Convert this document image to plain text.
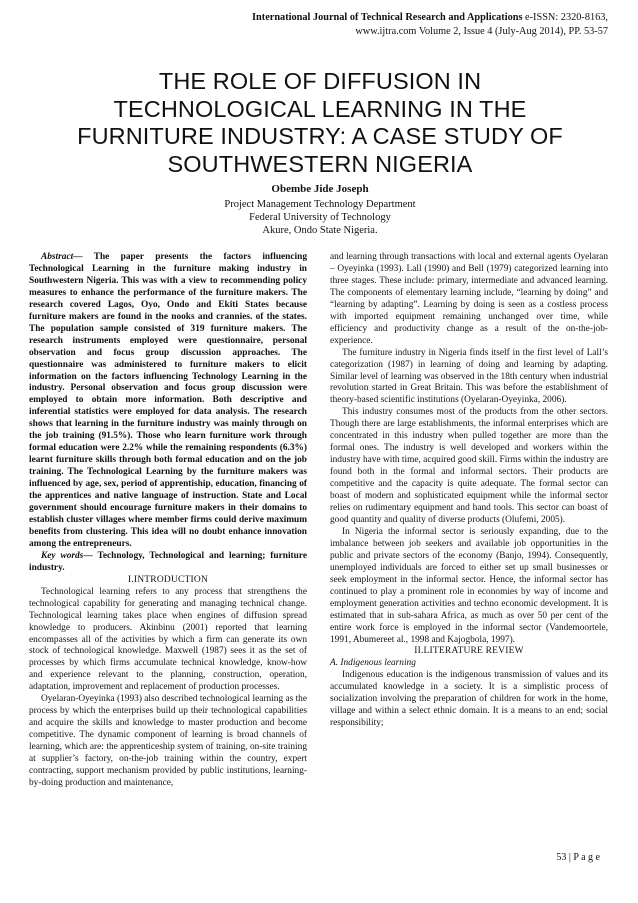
International Journal of Technical Research and Applications e-ISSN: 2320-8163,
www.ijtra.com Volume 2, Issue 4 (July-Aug 2014), PP. 53-57
THE ROLE OF DIFFUSION IN
TECHNOLOGICAL LEARNING IN THE
FURNITURE INDUSTRY: A CASE STUDY OF
SOUTHWESTERN NIGERIA
Obembe Jide Joseph
Project Management Technology Department
Federal University of Technology
Akure, Ondo State Nigeria.

Abstract— The paper presents the factors influencing Technological Learning in the furniture making industry in Southwestern Nigeria. This was with a view to recommending policy measures to enhance the performance of the furniture makers. The research covered Lagos, Oyo, Ondo and Ekiti States because furniture makers are found in the nooks and crannies. of the states. The population sample consisted of 319 furniture makers. The research instruments employed were questionnaire, personal observation and focus group discussion approaches. The questionnaire was administered to furniture makers to elicit information on the factors influencing Technology Learning in the industry. Personal observation and focus group discussion were employed to obtain more information. Both descriptive and inferential statistics were employed for data analysis. The research shows that learning in the furniture industry was mainly through on the job training (91.5%). Those who learn furniture work through formal education were 2.2% while the remaining respondents (6.3%) learnt furniture skills through both formal education and on the job training. The Technological Learning by the furniture makers was influenced by age, sex, period of apprentiship, education, financing of the apprentices and native language of instruction. State and Local government should encourage furniture makers in their domains to establish cluster villages where member firms could derive maximum benefits from clustering. This idea will no doubt enhance innovation among the entrepreneurs.

Key words— Technology, Technological and learning; furniture industry.

I.INTRODUCTION

Technological learning refers to any process that strengthens the technological capability for generating and managing technical change. Technological learning takes place when engines of diffusion spread knowledge to producers. Akinbinu (2001) reported that learning encompasses all of the activities by which a firm can generate its own stock of technological knowledge. Maxwell (1987) sees it as the set of processes by which firms accumulate technical knowledge, know-how and experience relevant to the planning, construction, operation, adaptation, improvement and replacement of production processes.

Oyelaran-Oyeyinka (1993) also described technological learning as the process by which the enterprises build up their technological capabilities and acquire the skills and knowledge to master production and become competitive. The dynamic component of learning is broad channels of learning, which are: the apprenticeship system of training, on-site training at supplier’s factory, on-the-job training within the country, expert contracting, support mechanism provided by public institutions, learning-by-doing production and maintenance,

and learning through transactions with local and external agents Oyelaran – Oyeyinka (1993). Lall (1990) and Bell (1979) categorized learning into three stages. These include: primary, intermediate and advanced learning. The components of elementary learning include, “learning by doing” and “learning by adapting”. Learning by doing is seen as a costless process with imported equipment remaining unchanged over time, while efficiency and productivity change as a result of the on-the-job-experience.

The furniture industry in Nigeria finds itself in the first level of Lall’s categorization (1987) in learning of doing and learning by adapting. Similar level of learning was observed in the 18th century when industrial revolution started in Great Britain. This was before the establishment of theory-based scientific institutions (Oyelaran-Oyeyinka, 2006).

This industry consumes most of the products from the other sectors. Though there are large establishments, the informal enterprises which are concentrated in this industry when pulled together are more than the formal ones. The industry is well developed and workers within the industry have with time, acquired good skill. Firms within the industry are found both in the formal and informal sectors. Their products are competitive and the capacity is quite adequate. The formal sector can boast of modern and sophisticated equipment while the informal sector relies on rudimentary equipment and hand tools. This sector can boast of good quantity and quality of diverse products (Olufemi, 2005).

In Nigeria the informal sector is seriously expanding, due to the imbalance between job seekers and available job opportunities in the public and private sectors of the economy (Banjo, 1994). Consequently, unemployed individuals are forced to either set up small businesses or seek employment in the informal sector. Hence, the informal sector has continued to play a prominent role in economies by way of income and employment generation activities and techno economic development. It is estimated that in sub-sahara Africa, as much as over 50 per cent of the entire work force is employed in the informal sector (Vandemoortele, 1991, Abumereet al., 1998 and Kajogbola, 1997).

II.LITERATURE REVIEW

A. Indigenous learning

Indigenous education is the indigenous transmission of values and its accumulated knowledge in a society. It is a simplistic process of socialization involving the preparation of children for work in the home, village and within a select ethnic domain. It is a means to an end; social responsibility;

53 | P a g e
